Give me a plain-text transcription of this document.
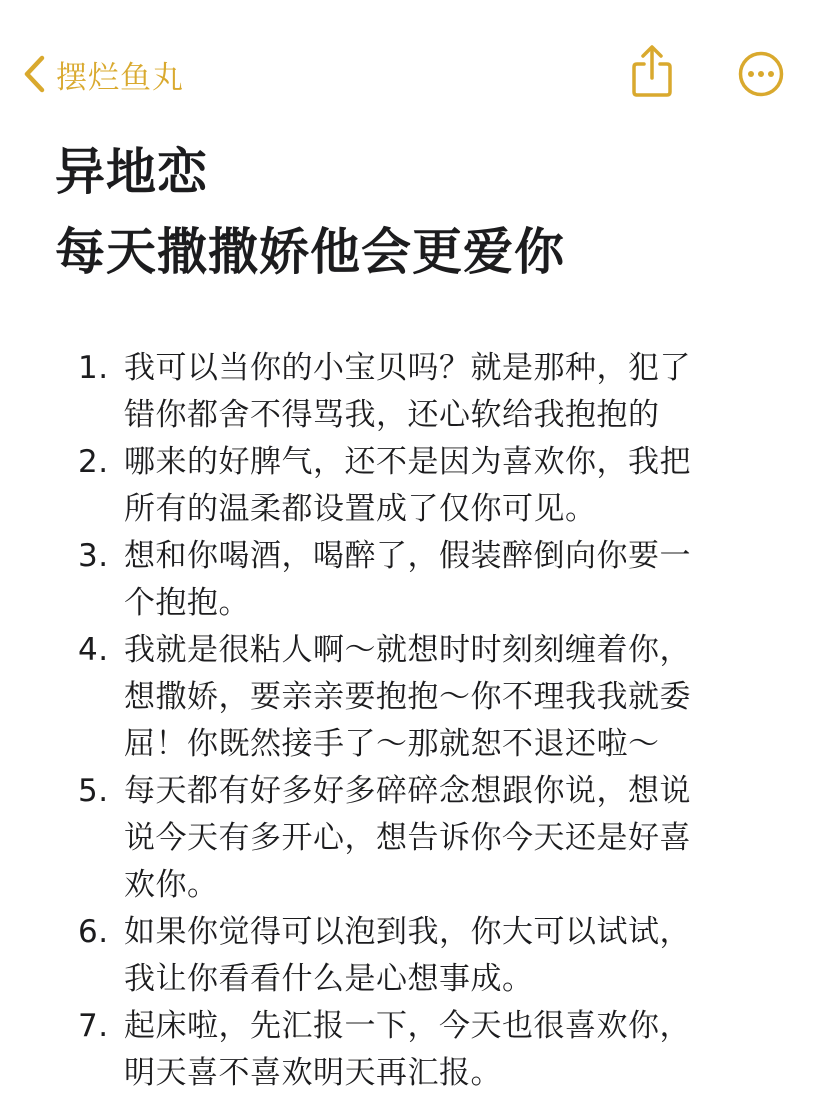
摆烂鱼丸
异地恋
每天撒撒娇他会更爱你
1. 我可以当你的小宝贝吗？就是那种，犯了
错你都舍不得骂我，还心软给我抱抱的
2. 哪来的好脾气，还不是因为喜欢你，我把
所有的温柔都设置成了仅你可见。
3. 想和你喝酒，喝醉了，假装醉倒向你要一
个抱抱。
4. 我就是很粘人啊～就想时时刻刻缠着你，
想撒娇，要亲亲要抱抱～你不理我我就委
屈！你既然接手了～那就恕不退还啦～
5. 每天都有好多好多碎碎念想跟你说，想说
说今天有多开心，想告诉你今天还是好喜
欢你。
6. 如果你觉得可以泡到我，你大可以试试，
我让你看看什么是心想事成。
7. 起床啦，先汇报一下，今天也很喜欢你，
明天喜不喜欢明天再汇报。
